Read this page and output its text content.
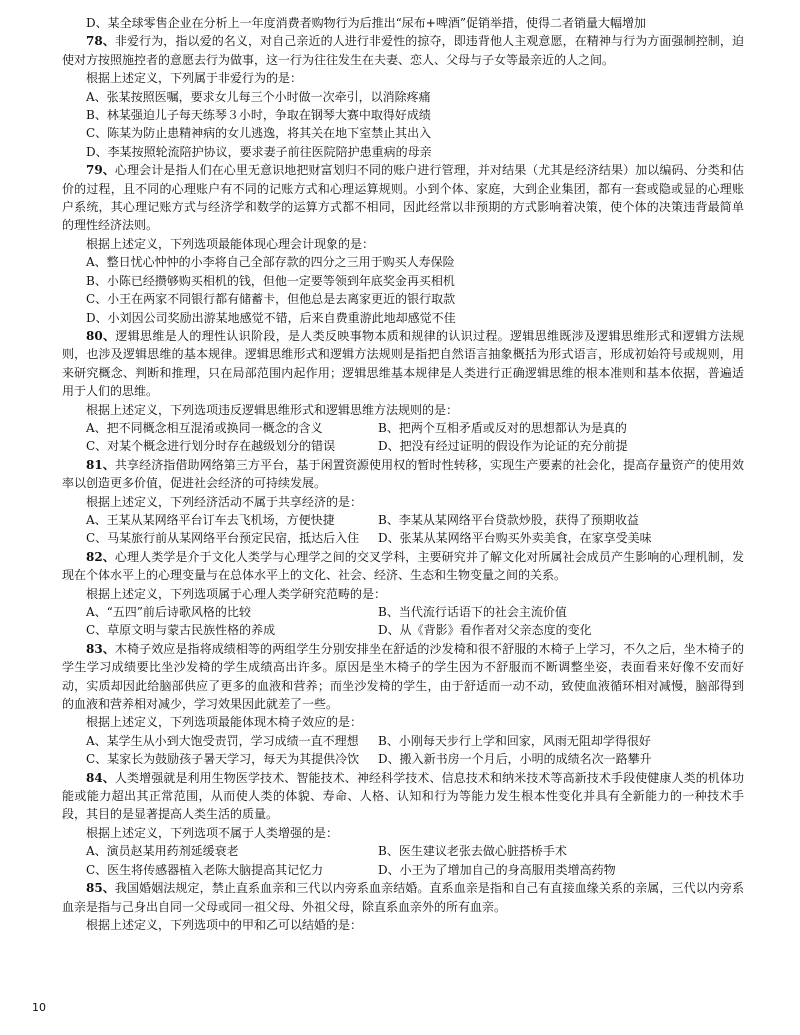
D、某全球零售企业在分析上一年度消费者购物行为后推出“尿布+啤酒”促销举措，使得二者销量大幅增加

78、非爱行为，指以爱的名义，对自己亲近的人进行非爱性的掠夺，即违背他人主观意愿，在精神与行为方面强制控制，迫使对方按照施控者的意愿去行为做事，这一行为往往发生在夫妻、恋人、父母与子女等最亲近的人之间。

根据上述定义，下列属于非爱行为的是：

A、张某按照医嘱，要求女儿每三个小时做一次牵引，以消除疼痛

B、林某强迫儿子每天练琴３小时，争取在钢琴大赛中取得好成绩

C、陈某为防止患精神病的女儿逃逸，将其关在地下室禁止其出入

D、李某按照轮流陪护协议，要求妻子前往医院陪护患重病的母亲

79、心理会计是指人们在心里无意识地把财富划归不同的账户进行管理，并对结果（尤其是经济结果）加以编码、分类和估价的过程，且不同的心理账户有不同的记账方式和心理运算规则。小到个体、家庭，大到企业集团，都有一套或隐或显的心理账户系统，其心理记账方式与经济学和数学的运算方式都不相同，因此经常以非预期的方式影响着决策，使个体的决策违背最简单的理性经济法则。

根据上述定义，下列选项最能体现心理会计现象的是：

A、整日忧心忡忡的小李将自己全部存款的四分之三用于购买人寿保险

B、小陈已经攒够购买相机的钱，但他一定要等领到年底奖金再买相机

C、小王在两家不同银行都有储蓄卡，但他总是去离家更近的银行取款

D、小刘因公司奖励出游某地感觉不错，后来自费重游此地却感觉不佳

80、逻辑思维是人的理性认识阶段，是人类反映事物本质和规律的认识过程。逻辑思维既涉及逻辑思维形式和逻辑方法规则，也涉及逻辑思维的基本规律。逻辑思维形式和逻辑方法规则是指把自然语言抽象概括为形式语言，形成初始符号或规则，用来研究概念、判断和推理，只在局部范围内起作用；逻辑思维基本规律是人类进行正确逻辑思维的根本准则和基本依据，普遍适用于人们的思维。

根据上述定义，下列选项违反逻辑思维形式和逻辑思维方法规则的是：

A、把不同概念相互混淆或换同一概念的含义	B、把两个互相矛盾或反对的思想都认为是真的
C、对某个概念进行划分时存在越级划分的错误	D、把没有经过证明的假设作为论证的充分前提

81、共享经济指借助网络第三方平台，基于闲置资源使用权的暂时性转移，实现生产要素的社会化，提高存量资产的使用效率以创造更多价值，促进社会经济的可持续发展。

根据上述定义，下列经济活动不属于共享经济的是：

A、王某从某网络平台订车去飞机场，方便快捷	B、李某从某网络平台贷款炒股，获得了预期收益
C、马某旅行前从某网络平台预定民宿，抵达后入住	D、张某从某网络平台购买外卖美食，在家享受美味

82、心理人类学是介于文化人类学与心理学之间的交叉学科，主要研究并了解文化对所属社会成员产生影响的心理机制，发现在个体水平上的心理变量与在总体水平上的文化、社会、经济、生态和生物变量之间的关系。

根据上述定义，下列选项属于心理人类学研究范畴的是：

A、“五四”前后诗歌风格的比较	B、当代流行话语下的社会主流价值
C、草原文明与蒙古民族性格的养成	D、从《背影》看作者对父亲态度的变化

83、木椅子效应是指将成绩相等的两组学生分别安排坐在舒适的沙发椅和很不舒服的木椅子上学习，不久之后，坐木椅子的学生学习成绩要比坐沙发椅的学生成绩高出许多。原因是坐木椅子的学生因为不舒服而不断调整坐姿，表面看来好像不安而好动，实质却因此给脑部供应了更多的血液和营养；而坐沙发椅的学生，由于舒适而一动不动，致使血液循环相对减慢，脑部得到的血液和营养相对减少，学习效果因此就差了一些。

根据上述定义，下列选项最能体现木椅子效应的是：

A、某学生从小到大饱受责罚，学习成绩一直不理想	B、小刚每天步行上学和回家，风雨无阻却学得很好
C、某家长为鼓励孩子暑天学习，每天为其提供冷饮	D、搬入新书房一个月后，小明的成绩名次一路攀升

84、人类增强就是利用生物医学技术、智能技术、神经科学技术、信息技术和纳米技术等高新技术手段使健康人类的机体功能或能力超出其正常范围，从而使人类的体貌、寿命、人格、认知和行为等能力发生根本性变化并具有全新能力的一种技术手段，其目的是显著提高人类生活的质量。

根据上述定义，下列选项不属于人类增强的是：

A、演员赵某用药剂延缓衰老	B、医生建议老张去做心脏搭桥手术
C、医生将传感器植入老陈大脑提高其记忆力	D、小王为了增加自己的身高服用类增高药物

85、我国婚姻法规定，禁止直系血亲和三代以内旁系血亲结婚。直系血亲是指和自己有直接血缘关系的亲属，三代以内旁系血亲是指与己身出自同一父母或同一祖父母、外祖父母，除直系血亲外的所有血亲。

根据上述定义，下列选项中的甲和乙可以结婚的是：

10
